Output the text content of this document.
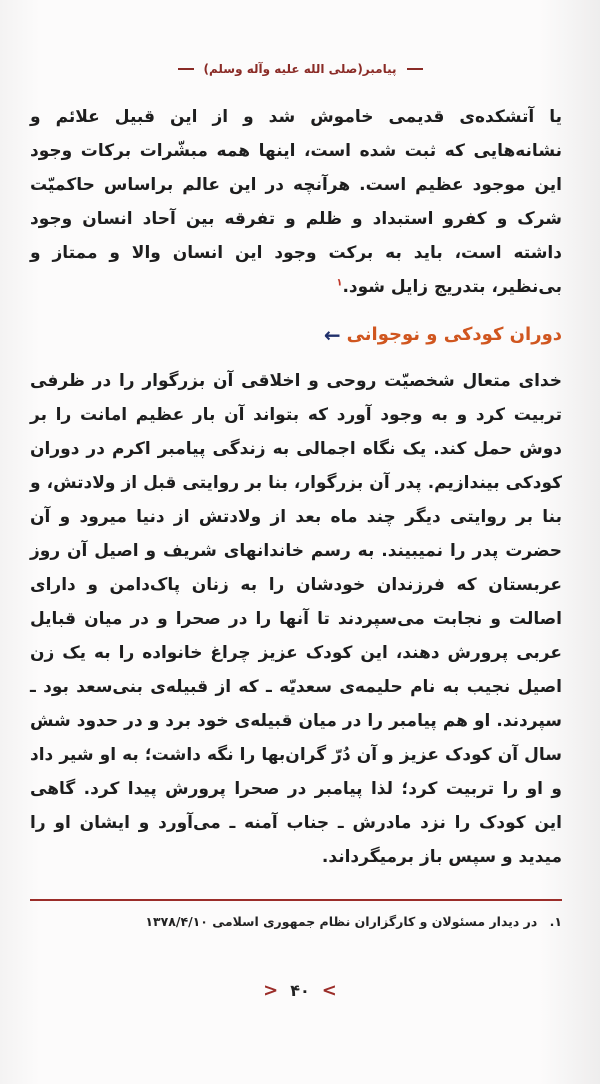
پیامبر(صلی الله علیه وآله وسلم)

یا آتشکده‌ی قدیمی خاموش شد و از این قبیل علائم و نشانه‌هایی که ثبت شده است، اینها همه مبشّرات برکات وجود این موجود عظیم است. هرآنچه در این عالم براساس حاکمیّت شرک و کفرو استبداد و ظلم و تفرقه بین آحاد انسان وجود داشته است، باید به برکت وجود این انسان والا و ممتاز و بی‌نظیر، بتدریج زایل شود.$^۱$

دوران کودکی و نوجوانی
←

خدای متعال شخصیّت روحی و اخلاقی آن بزرگوار را در ظرفی تربیت کرد و به وجود آورد که بتواند آن بار عظیم امانت را بر دوش حمل کند. یک نگاه اجمالی به زندگی پیامبر اکرم در دوران کودکی بیندازیم. پدر آن بزرگوار، بنا بر روایتی قبل از ولادتش، و بنا بر روایتی دیگر چند ماه بعد از ولادتش از دنیا میرود و آن حضرت پدر را نمیبیند. به رسم خاندانهای شریف و اصیل آن روز عربستان که فرزندان خودشان را به زنان پاک‌دامن و دارای اصالت و نجابت می‌سپردند تا آنها را در صحرا و در میان قبایل عربی پرورش دهند، این کودک عزیز چراغ خانواده را به یک زن اصیل نجیب به نام حلیمه‌ی سعدیّه ـ که از قبیله‌ی بنی‌سعد بود ـ سپردند. او هم پیامبر را در میان قبیله‌ی خود برد و در حدود شش سال آن کودک عزیز و آن دُرّ گران‌بها را نگه داشت؛ به او شیر داد و او را تربیت کرد؛ لذا پیامبر در صحرا پرورش پیدا کرد. گاهی این کودک را نزد مادرش ـ جناب آمنه ـ می‌آورد و ایشان او را میدید و سپس باز برمیگرداند.

۱. در دیدار مسئولان و کارگزاران نظام جمهوری اسلامی ۱۳۷۸/۴/۱۰
>
۴۰
<
